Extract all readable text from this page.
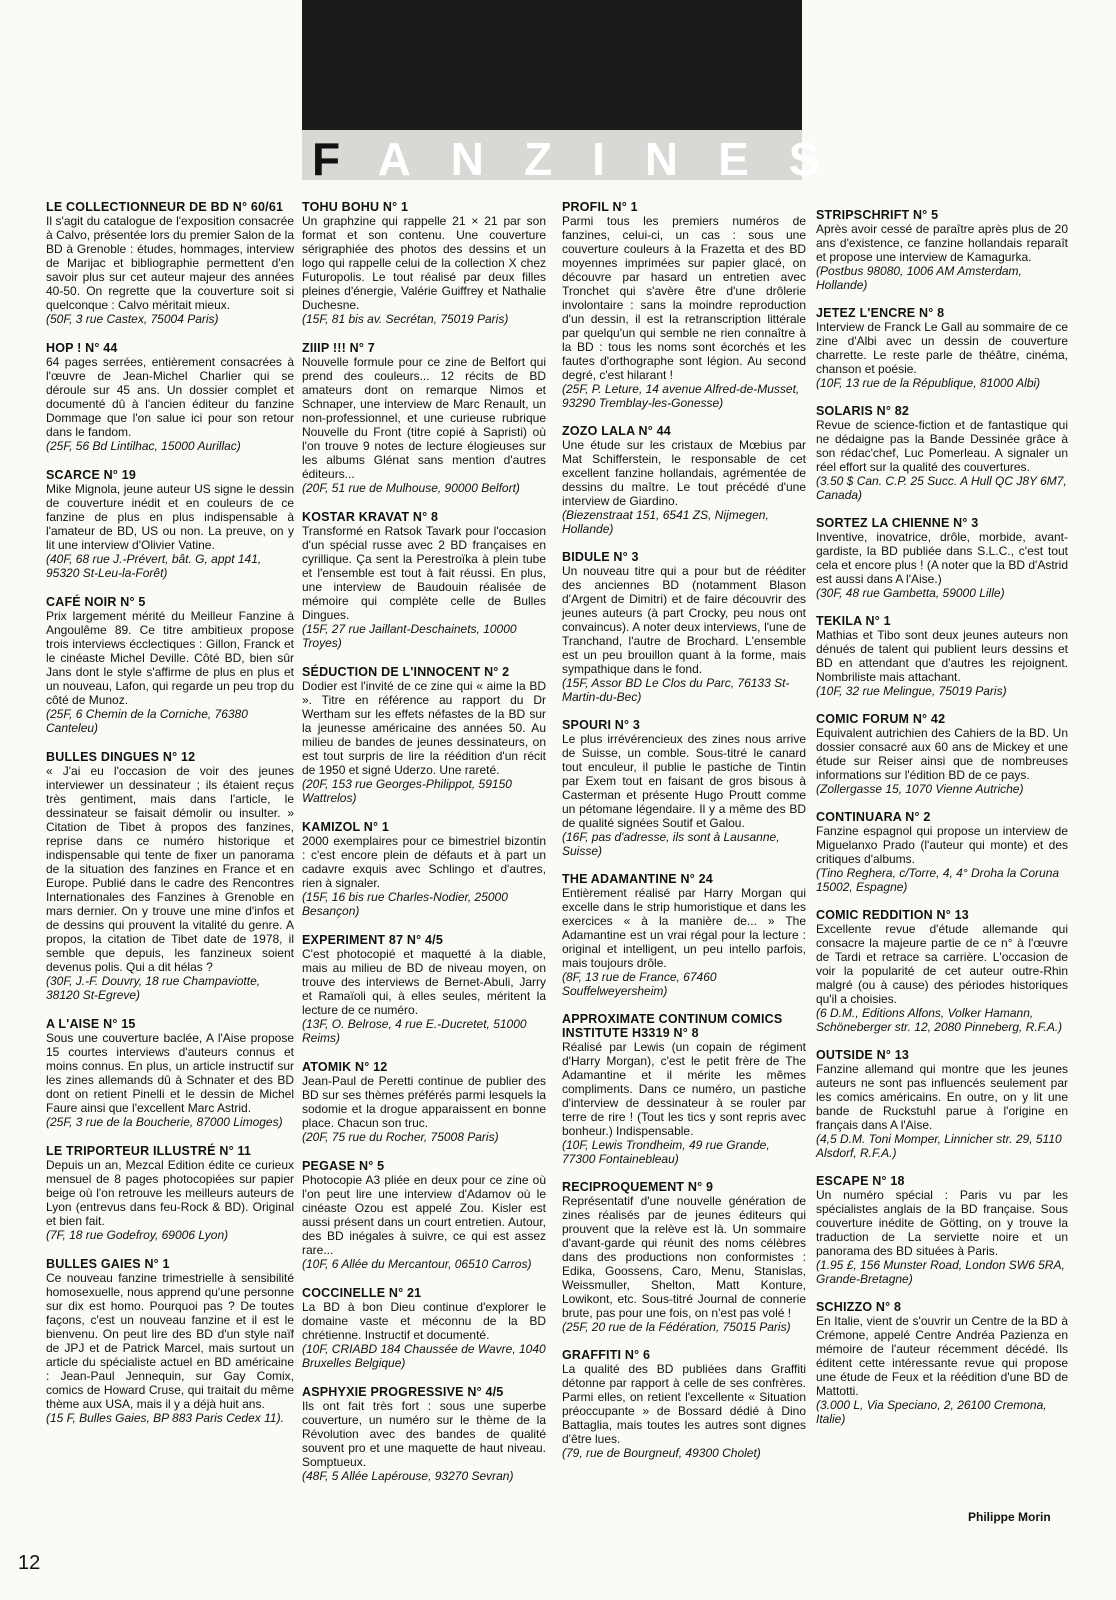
FANZINES
LE COLLECTIONNEUR DE BD N° 60/61
Il s'agit du catalogue de l'exposition consacrée à Calvo, présentée lors du premier Salon de la BD à Grenoble : études, hommages, interview de Marijac et bibliographie permettent d'en savoir plus sur cet auteur majeur des années 40-50. On regrette que la couverture soit si quelconque : Calvo méritait mieux.
(50F, 3 rue Castex, 75004 Paris)
HOP ! N° 44
64 pages serrées, entièrement consacrées à l'œuvre de Jean-Michel Charlier qui se déroule sur 45 ans. Un dossier complet et documenté dû à l'ancien éditeur du fanzine Dommage que l'on salue ici pour son retour dans le fandom.
(25F, 56 Bd Lintilhac, 15000 Aurillac)
SCARCE N° 19
Mike Mignola, jeune auteur US signe le dessin de couverture inédit et en couleurs de ce fanzine de plus en plus indispensable à l'amateur de BD, US ou non. La preuve, on y lit une interview d'Olivier Vatine.
(40F, 68 rue J.-Prévert, bât. G, appt 141, 95320 St-Leu-la-Forêt)
CAFÉ NOIR N° 5
Prix largement mérité du Meilleur Fanzine à Angoulême 89. Ce titre ambitieux propose trois interviews écclectiques : Gillon, Franck et le cinéaste Michel Deville. Côté BD, bien sûr Jans dont le style s'affirme de plus en plus et un nouveau, Lafon, qui regarde un peu trop du côté de Munoz.
(25F, 6 Chemin de la Corniche, 76380 Canteleu)
BULLES DINGUES N° 12
« J'ai eu l'occasion de voir des jeunes interviewer un dessinateur ; ils étaient reçus très gentiment, mais dans l'article, le dessinateur se faisait démolir ou insulter. » Citation de Tibet à propos des fanzines, reprise dans ce numéro historique et indispensable qui tente de fixer un panorama de la situation des fanzines en France et en Europe. Publié dans le cadre des Rencontres Internationales des Fanzines à Grenoble en mars dernier. On y trouve une mine d'infos et de dessins qui prouvent la vitalité du genre. A propos, la citation de Tibet date de 1978, il semble que depuis, les fanzineux soient devenus polis. Qui a dit hélas ?
(30F, J.-F. Douvry, 18 rue Champaviotte, 38120 St-Egreve)
A L'AISE N° 15
Sous une couverture baclée, A l'Aise propose 15 courtes interviews d'auteurs connus et moins connus. En plus, un article instructif sur les zines allemands dû à Schnater et des BD dont on retient Pinelli et le dessin de Michel Faure ainsi que l'excellent Marc Astrid.
(25F, 3 rue de la Boucherie, 87000 Limoges)
LE TRIPORTEUR ILLUSTRÉ N° 11
Depuis un an, Mezcal Edition édite ce curieux mensuel de 8 pages photocopiées sur papier beige où l'on retrouve les meilleurs auteurs de Lyon (entrevus dans feu-Rock & BD). Original et bien fait.
(7F, 18 rue Godefroy, 69006 Lyon)
BULLES GAIES N° 1
Ce nouveau fanzine trimestrielle à sensibilité homosexuelle, nous apprend qu'une personne sur dix est homo. Pourquoi pas ? De toutes façons, c'est un nouveau fanzine et il est le bienvenu. On peut lire des BD d'un style naïf de JPJ et de Patrick Marcel, mais surtout un article du spécialiste actuel en BD américaine : Jean-Paul Jennequin, sur Gay Comix, comics de Howard Cruse, qui traitait du même thème aux USA, mais il y a déjà huit ans.
(15 F, Bulles Gaies, BP 883 Paris Cedex 11).
TOHU BOHU N° 1
Un graphzine qui rappelle 21 × 21 par son format et son contenu. Une couverture sérigraphiée des photos des dessins et un logo qui rappelle celui de la collection X chez Futuropolis. Le tout réalisé par deux filles pleines d'énergie, Valérie Guiffrey et Nathalie Duchesne.
(15F, 81 bis av. Secrétan, 75019 Paris)
ZIIIP !!! N° 7
Nouvelle formule pour ce zine de Belfort qui prend des couleurs... 12 récits de BD amateurs dont on remarque Nimos et Schnaper, une interview de Marc Renault, un non-professionnel, et une curieuse rubrique Nouvelle du Front (titre copié à Sapristi) où l'on trouve 9 notes de lecture élogieuses sur les albums Glénat sans mention d'autres éditeurs...
(20F, 51 rue de Mulhouse, 90000 Belfort)
KOSTAR KRAVAT N° 8
Transformé en Ratsok Tavark pour l'occasion d'un spécial russe avec 2 BD françaises en cyrillique. Ça sent la Perestroïka à plein tube et l'ensemble est tout à fait réussi. En plus, une interview de Baudouin réalisée de mémoire qui complète celle de Bulles Dingues.
(15F, 27 rue Jaillant-Deschainets, 10000 Troyes)
SÉDUCTION DE L'INNOCENT N° 2
Dodier est l'invité de ce zine qui « aime la BD ». Titre en référence au rapport du Dr Wertham sur les effets néfastes de la BD sur la jeunesse américaine des années 50. Au milieu de bandes de jeunes dessinateurs, on est tout surpris de lire la réédition d'un récit de 1950 et signé Uderzo. Une rareté.
(20F, 153 rue Georges-Philippot, 59150 Wattrelos)
KAMIZOL N° 1
2000 exemplaires pour ce bimestriel bizontin : c'est encore plein de défauts et à part un cadavre exquis avec Schlingo et d'autres, rien à signaler.
(15F, 16 bis rue Charles-Nodier, 25000 Besançon)
EXPERIMENT 87 N° 4/5
C'est photocopié et maquetté à la diable, mais au milieu de BD de niveau moyen, on trouve des interviews de Bernet-Abuli, Jarry et Ramaïoli qui, à elles seules, méritent la lecture de ce numéro.
(13F, O. Belrose, 4 rue E.-Ducretet, 51000 Reims)
ATOMIK N° 12
Jean-Paul de Peretti continue de publier des BD sur ses thèmes préférés parmi lesquels la sodomie et la drogue apparaissent en bonne place. Chacun son truc.
(20F, 75 rue du Rocher, 75008 Paris)
PEGASE N° 5
Photocopie A3 pliée en deux pour ce zine où l'on peut lire une interview d'Adamov où le cinéaste Ozou est appelé Zou. Kisler est aussi présent dans un court entretien. Autour, des BD inégales à suivre, ce qui est assez rare...
(10F, 6 Allée du Mercantour, 06510 Carros)
COCCINELLE N° 21
La BD à bon Dieu continue d'explorer le domaine vaste et méconnu de la BD chrétienne. Instructif et documenté.
(10F, CRIABD 184 Chaussée de Wavre, 1040 Bruxelles Belgique)
ASPHYXIE PROGRESSIVE N° 4/5
Ils ont fait très fort : sous une superbe couverture, un numéro sur le thème de la Révolution avec des bandes de qualité souvent pro et une maquette de haut niveau. Somptueux.
(48F, 5 Allée Lapérouse, 93270 Sevran)
PROFIL N° 1
Parmi tous les premiers numéros de fanzines, celui-ci, un cas : sous une couverture couleurs à la Frazetta et des BD moyennes imprimées sur papier glacé, on découvre par hasard un entretien avec Tronchet qui s'avère être d'une drôlerie involontaire : sans la moindre reproduction d'un dessin, il est la retranscription littérale par quelqu'un qui semble ne rien connaître à la BD : tous les noms sont écorchés et les fautes d'orthographe sont légion. Au second degré, c'est hilarant !
(25F, P. Leture, 14 avenue Alfred-de-Musset, 93290 Tremblay-les-Gonesse)
ZOZO LALA N° 44
Une étude sur les cristaux de Mœbius par Mat Schifferstein, le responsable de cet excellent fanzine hollandais, agrémentée de dessins du maître. Le tout précédé d'une interview de Giardino.
(Biezenstraat 151, 6541 ZS, Nijmegen, Hollande)
BIDULE N° 3
Un nouveau titre qui a pour but de rééditer des anciennes BD (notamment Blason d'Argent de Dimitri) et de faire découvrir des jeunes auteurs (à part Crocky, peu nous ont convaincus). A noter deux interviews, l'une de Tranchand, l'autre de Brochard. L'ensemble est un peu brouillon quant à la forme, mais sympathique dans le fond.
(15F, Assor BD Le Clos du Parc, 76133 St-Martin-du-Bec)
SPOURI N° 3
Le plus irrévérencieux des zines nous arrive de Suisse, un comble. Sous-titré le canard tout enculeur, il publie le pastiche de Tintin par Exem tout en faisant de gros bisous à Casterman et présente Hugo Proutt comme un pétomane légendaire. Il y a même des BD de qualité signées Soutif et Galou.
(16F, pas d'adresse, ils sont à Lausanne, Suisse)
THE ADAMANTINE N° 24
Entièrement réalisé par Harry Morgan qui excelle dans le strip humoristique et dans les exercices « à la manière de... » The Adamantine est un vrai régal pour la lecture : original et intelligent, un peu intello parfois, mais toujours drôle.
(8F, 13 rue de France, 67460 Souffelweyersheim)
APPROXIMATE CONTINUM COMICS INSTITUTE H3319 N° 8
Réalisé par Lewis (un copain de régiment d'Harry Morgan), c'est le petit frère de The Adamantine et il mérite les mêmes compliments. Dans ce numéro, un pastiche d'interview de dessinateur à se rouler par terre de rire ! (Tout les tics y sont repris avec bonheur.) Indispensable.
(10F, Lewis Trondheim, 49 rue Grande, 77300 Fontainebleau)
RECIPROQUEMENT N° 9
Représentatif d'une nouvelle génération de zines réalisés par de jeunes éditeurs qui prouvent que la relève est là. Un sommaire d'avant-garde qui réunit des noms célèbres dans des productions non conformistes : Edika, Goossens, Caro, Menu, Stanislas, Weissmuller, Shelton, Matt Konture, Lowikont, etc. Sous-titré Journal de connerie brute, pas pour une fois, on n'est pas volé !
(25F, 20 rue de la Fédération, 75015 Paris)
GRAFFITI N° 6
La qualité des BD publiées dans Graffiti détonne par rapport à celle de ses confrères. Parmi elles, on retient l'excellente « Situation préoccupante » de Bossard dédié à Dino Battaglia, mais toutes les autres sont dignes d'être lues.
(79, rue de Bourgneuf, 49300 Cholet)
STRIPSCHRIFT N° 5
Après avoir cessé de paraître après plus de 20 ans d'existence, ce fanzine hollandais reparaît et propose une interview de Kamagurka.
(Postbus 98080, 1006 AM Amsterdam, Hollande)
JETEZ L'ENCRE N° 8
Interview de Franck Le Gall au sommaire de ce zine d'Albi avec un dessin de couverture charrette. Le reste parle de théâtre, cinéma, chanson et poésie.
(10F, 13 rue de la République, 81000 Albi)
SOLARIS N° 82
Revue de science-fiction et de fantastique qui ne dédaigne pas la Bande Dessinée grâce à son rédac'chef, Luc Pomerleau. A signaler un réel effort sur la qualité des couvertures.
(3.50 $ Can. C.P. 25 Succ. A Hull QC J8Y 6M7, Canada)
SORTEZ LA CHIENNE N° 3
Inventive, inovatrice, drôle, morbide, avant-gardiste, la BD publiée dans S.L.C., c'est tout cela et encore plus ! (A noter que la BD d'Astrid est aussi dans A l'Aise.)
(30F, 48 rue Gambetta, 59000 Lille)
TEKILA N° 1
Mathias et Tibo sont deux jeunes auteurs non dénués de talent qui publient leurs dessins et BD en attendant que d'autres les rejoignent. Nombriliste mais attachant.
(10F, 32 rue Melingue, 75019 Paris)
COMIC FORUM N° 42
Equivalent autrichien des Cahiers de la BD. Un dossier consacré aux 60 ans de Mickey et une étude sur Reiser ainsi que de nombreuses informations sur l'édition BD de ce pays.
(Zollergasse 15, 1070 Vienne Autriche)
CONTINUARA N° 2
Fanzine espagnol qui propose un interview de Miguelanxo Prado (l'auteur qui monte) et des critiques d'albums.
(Tino Reghera, c/Torre, 4, 4° Droha la Coruna 15002, Espagne)
COMIC REDDITION N° 13
Excellente revue d'étude allemande qui consacre la majeure partie de ce n° à l'œuvre de Tardi et retrace sa carrière. L'occasion de voir la popularité de cet auteur outre-Rhin malgré (ou à cause) des périodes historiques qu'il a choisies.
(6 D.M., Editions Alfons, Volker Hamann, Schöneberger str. 12, 2080 Pinneberg, R.F.A.)
OUTSIDE N° 13
Fanzine allemand qui montre que les jeunes auteurs ne sont pas influencés seulement par les comics américains. En outre, on y lit une bande de Ruckstuhl parue à l'origine en français dans A l'Aise.
(4,5 D.M. Toni Momper, Linnicher str. 29, 5110 Alsdorf, R.F.A.)
ESCAPE N° 18
Un numéro spécial : Paris vu par les spécialistes anglais de la BD française. Sous couverture inédite de Götting, on y trouve la traduction de La serviette noire et un panorama des BD situées à Paris.
(1.95 £, 156 Munster Road, London SW6 5RA, Grande-Bretagne)
SCHIZZO N° 8
En Italie, vient de s'ouvrir un Centre de la BD à Crémone, appelé Centre Andréa Pazienza en mémoire de l'auteur récemment décédé. Ils éditent cette intéressante revue qui propose une étude de Feux et la réédition d'une BD de Mattotti.
(3.000 L, Via Speciano, 2, 26100 Cremona, Italie)
Philippe Morin
12
